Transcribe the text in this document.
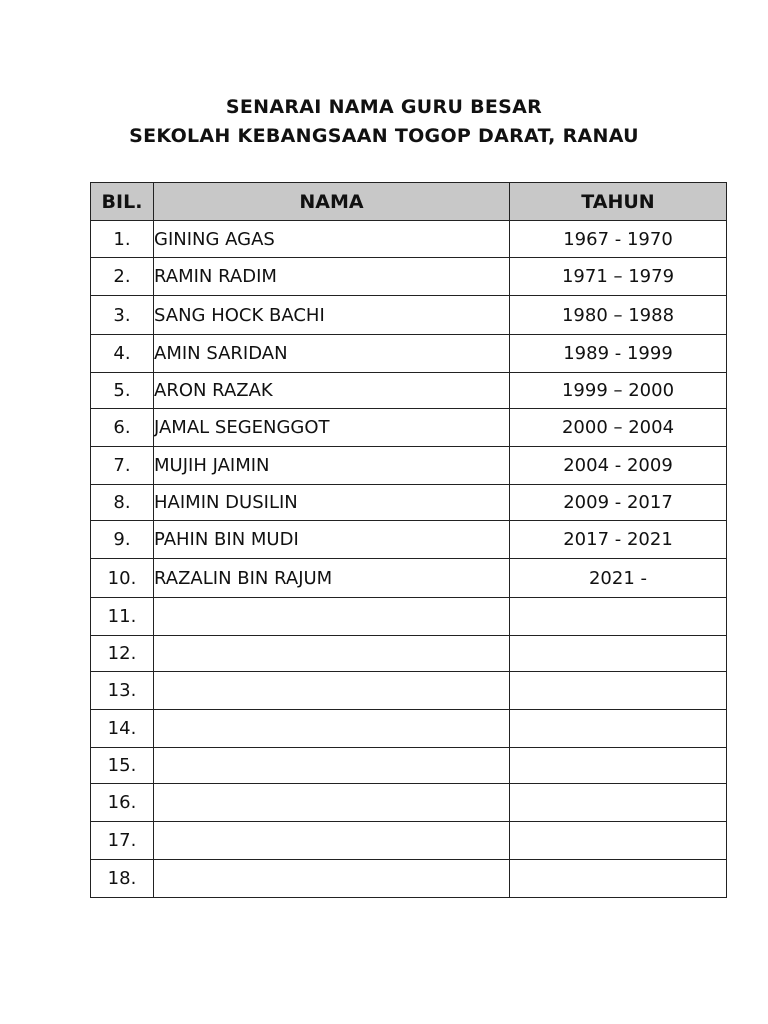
SENARAI NAMA GURU BESAR
SEKOLAH KEBANGSAAN TOGOP DARAT, RANAU
BIL.	NAMA	TAHUN
1.	GINING AGAS	1967 - 1970
2.	RAMIN RADIM	1971 – 1979
3.	SANG HOCK BACHI	1980 – 1988
4.	AMIN SARIDAN	1989 - 1999
5.	ARON RAZAK	1999 – 2000
6.	JAMAL SEGENGGOT	2000 – 2004
7.	MUJIH JAIMIN	2004 - 2009
8.	HAIMIN DUSILIN	2009 - 2017
9.	PAHIN BIN MUDI	2017 - 2021
10.	RAZALIN BIN RAJUM	2021 -
11.		
12.		
13.		
14.		
15.		
16.		
17.		
18.		
